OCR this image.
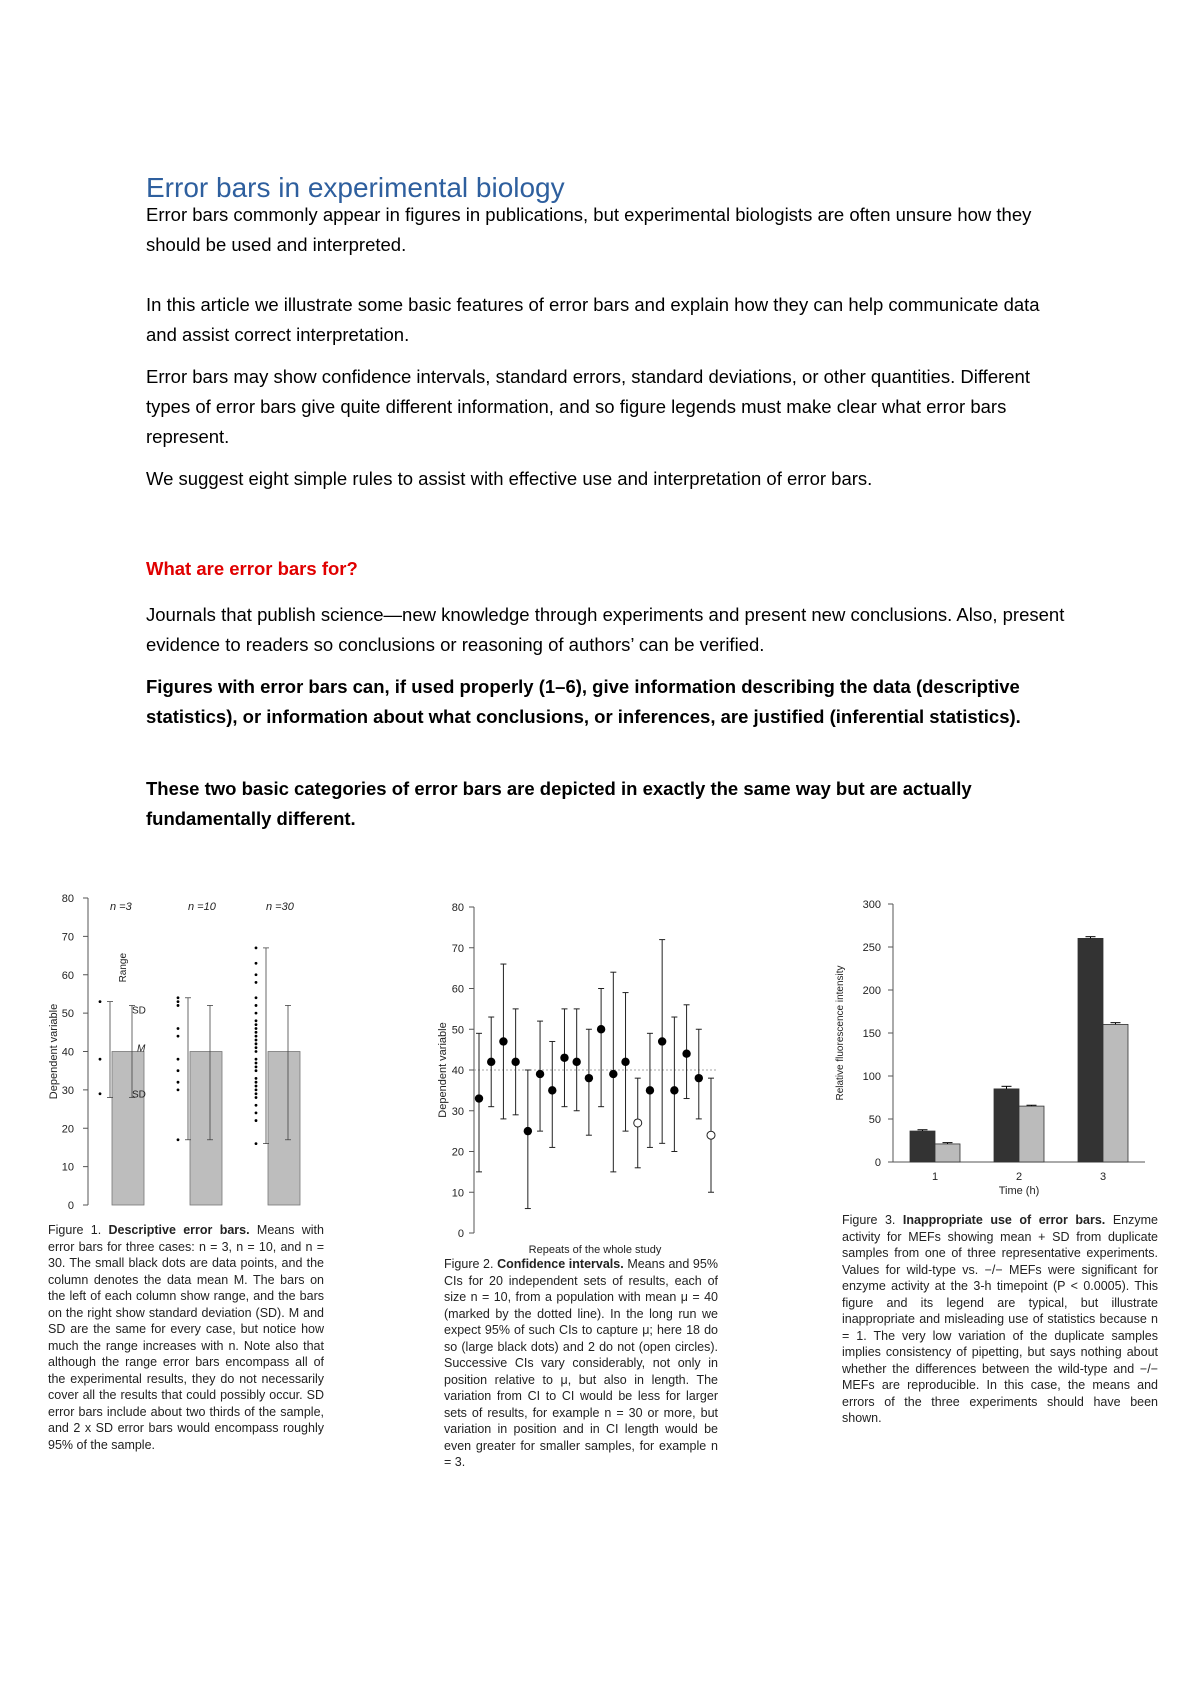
Error bars in experimental biology

Error bars commonly appear in figures in publications, but experimental biologists are often unsure how they should be used and interpreted.

In this article we illustrate some basic features of error bars and explain how they can help communicate data and assist correct interpretation.

Error bars may show confidence intervals, standard errors, standard deviations, or other quantities. Different types of error bars give quite different information, and so figure legends must make clear what error bars represent.

We suggest eight simple rules to assist with effective use and interpretation of error bars.

What are error bars for?

Journals that publish science—new knowledge through experiments and present new conclusions. Also, present evidence to readers so conclusions or reasoning of authors’ can be verified.

Figures with error bars can, if used properly (1–6), give information describing the data (descriptive statistics), or information about what conclusions, or inferences, are justified (inferential statistics).

These two basic categories of error bars are depicted in exactly the same way but are actually fundamentally different.

0
10
20
30
40
50
60
70
80
Dependent variable
n =3	n =10	n =30
Range
SD
M
SD

Figure 1. Descriptive error bars. Means with error bars for three cases: n = 3, n = 10, and n = 30. The small black dots are data points, and the column denotes the data mean M. The bars on the left of each column show range, and the bars on the right show standard deviation (SD). M and SD are the same for every case, but notice how much the range increases with n. Note also that although the range error bars encompass all of the experimental results, they do not necessarily cover all the results that could possibly occur. SD error bars include about two thirds of the sample, and 2 x SD error bars would encompass roughly 95% of the sample.

0
10
20
30
40
50
60
70
80
Dependent variable
Repeats of the whole study

Figure 2. Confidence intervals. Means and 95% CIs for 20 independent sets of results, each of size n = 10, from a population with mean μ = 40 (marked by the dotted line). In the long run we expect 95% of such CIs to capture μ; here 18 do so (large black dots) and 2 do not (open circles). Successive CIs vary considerably, not only in position relative to μ, but also in length. The variation from CI to CI would be less for larger sets of results, for example n = 30 or more, but variation in position and in CI length would be even greater for smaller samples, for example n = 3.

0
50
100
150
200
250
300
Relative fluorescence intensity
1	2	3
Time (h)

Figure 3. Inappropriate use of error bars. Enzyme activity for MEFs showing mean + SD from duplicate samples from one of three representative experiments. Values for wild-type vs. −/− MEFs were significant for enzyme activity at the 3-h timepoint (P < 0.0005). This figure and its legend are typical, but illustrate inappropriate and misleading use of statistics because n = 1. The very low variation of the duplicate samples implies consistency of pipetting, but says nothing about whether the differences between the wild-type and −/− MEFs are reproducible. In this case, the means and errors of the three experiments should have been shown.
